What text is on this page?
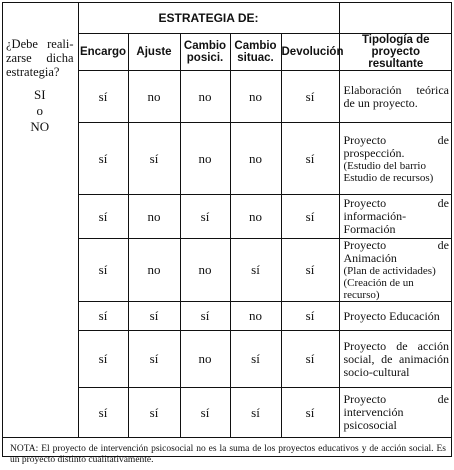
¿Debe reali-zarse dicha estrategia?
SI
o
NO	ESTRATEGIA DE:					
	Encargo	Ajuste	Cambio posici.	Cambio situac.	Devolución	Tipología de proyecto resultante
	sí	no	no	no	sí	Elaboración teórica de un proyecto.

	sí	sí	no	no	sí	Proyecto de prospección.
(Estudio del barrio
Estudio de recursos)

	sí	no	sí	no	sí	Proyecto de información-Formación

	sí	no	no	sí	sí	Proyecto de Animación
(Plan de actividades)
(Creación de un recurso)

	sí	sí	sí	no	sí	Proyecto Educación

	sí	sí	no	sí	sí	Proyecto de acción social, de animación socio-cultural

	sí	sí	sí	sí	sí	Proyecto de intervención psicosocial

NOTA: El proyecto de intervención psicosocial no es la suma de los proyectos educativos y de acción social. Es un proyecto distinto cualitativamente.						
